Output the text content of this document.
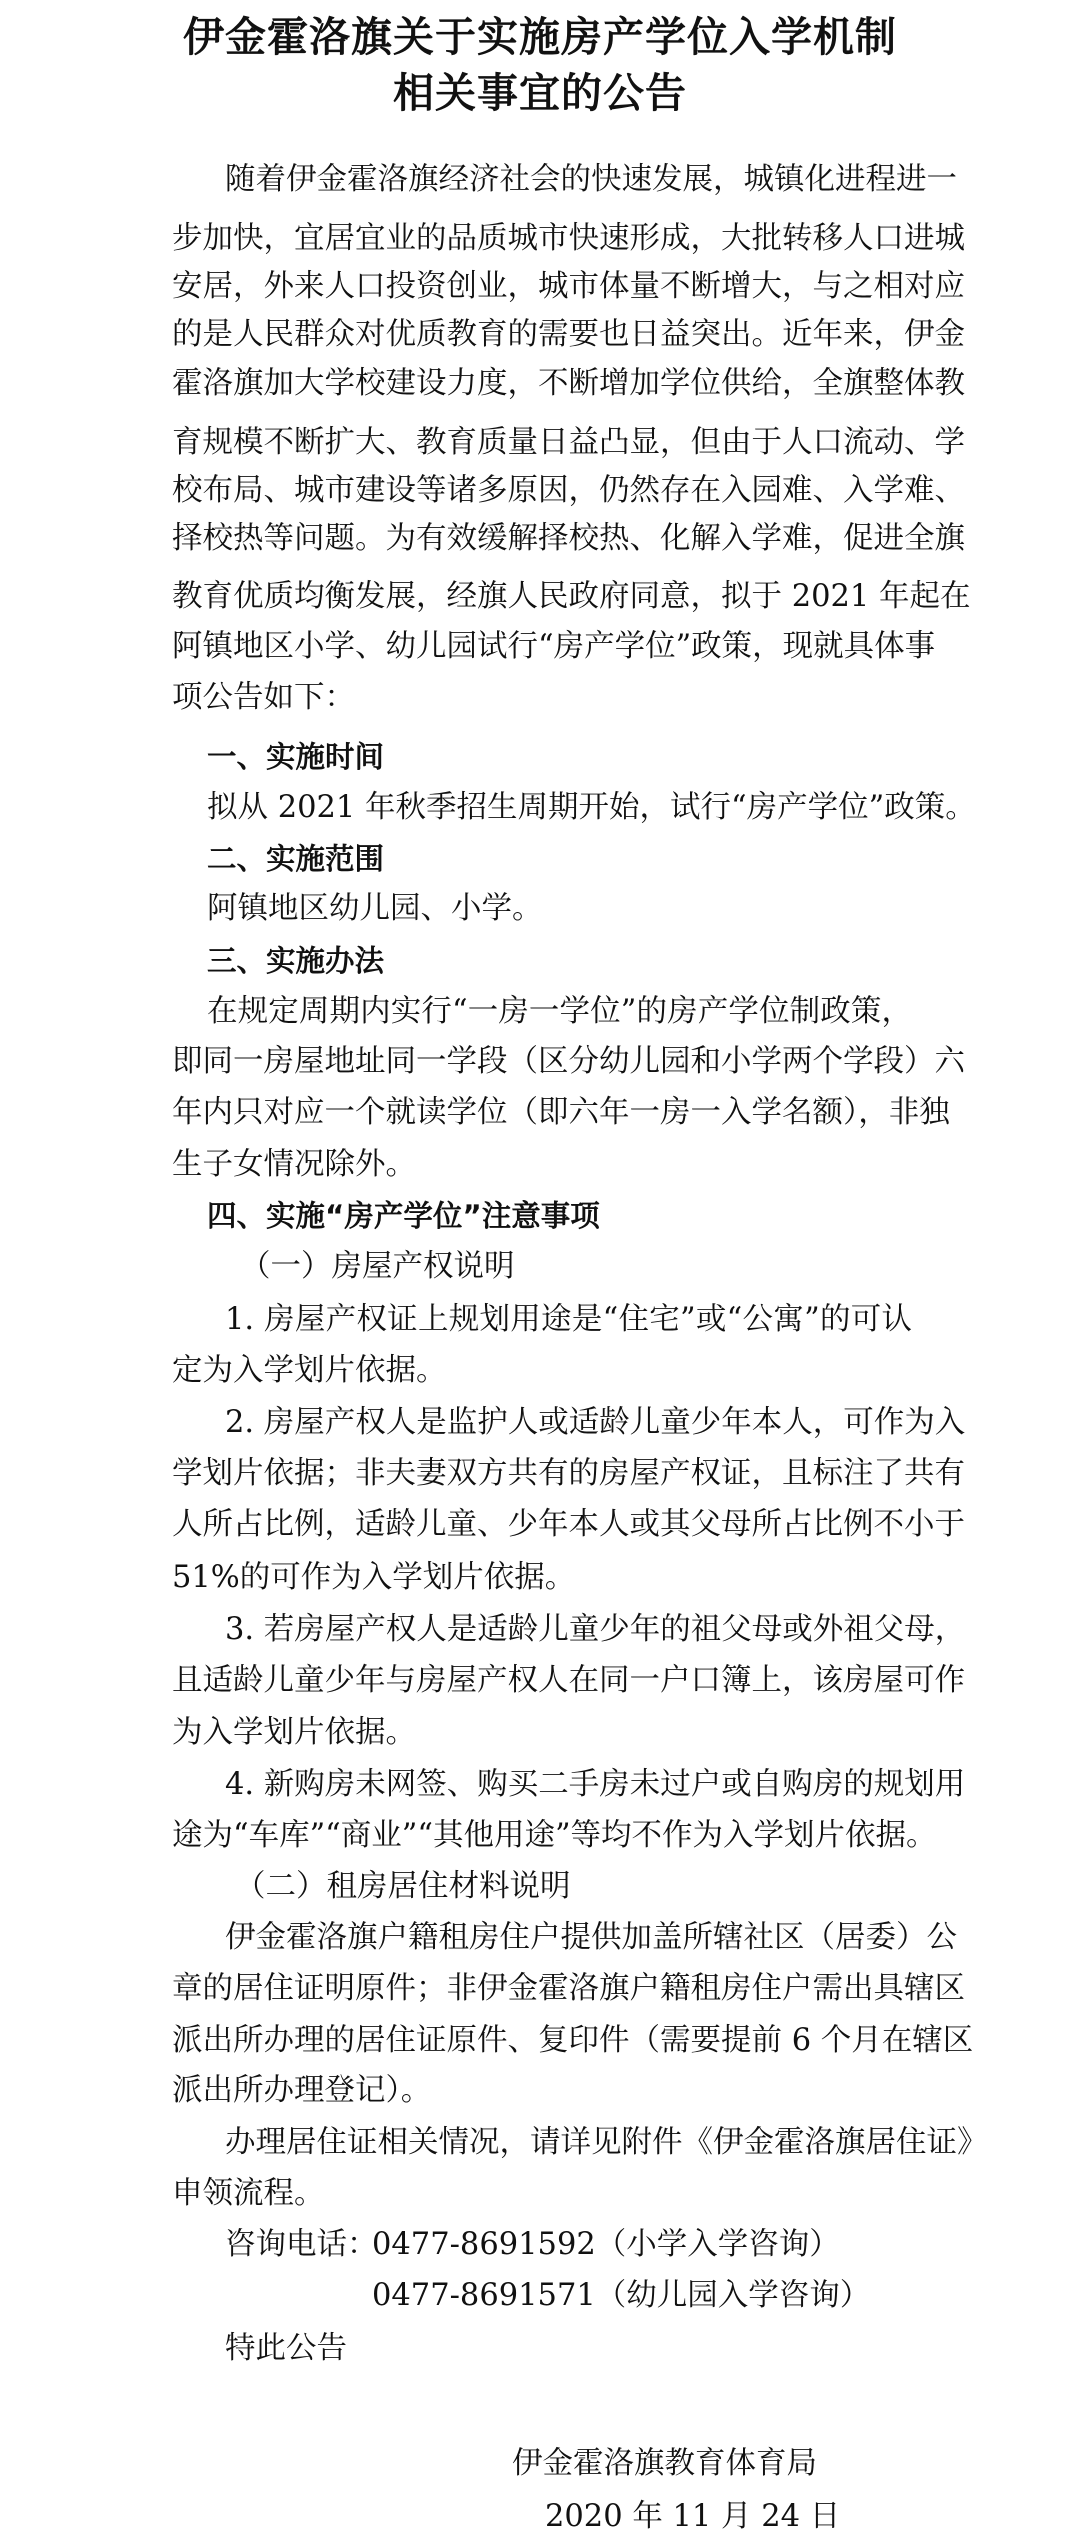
伊金霍洛旗关于实施房产学位入学机制
相关事宜的公告
随着伊金霍洛旗经济社会的快速发展，城镇化进程进一
步加快，宜居宜业的品质城市快速形成，大批转移人口进城
安居，外来人口投资创业，城市体量不断增大，与之相对应
的是人民群众对优质教育的需要也日益突出。近年来，伊金
霍洛旗加大学校建设力度，不断增加学位供给，全旗整体教
育规模不断扩大、教育质量日益凸显，但由于人口流动、学
校布局、城市建设等诸多原因，仍然存在入园难、入学难、
择校热等问题。为有效缓解择校热、化解入学难，促进全旗
教育优质均衡发展，经旗人民政府同意，拟于 2021 年起在
阿镇地区小学、幼儿园试行“房产学位”政策，现就具体事
项公告如下：
一、实施时间
拟从 2021 年秋季招生周期开始，试行“房产学位”政策。
二、实施范围
阿镇地区幼儿园、小学。
三、实施办法
在规定周期内实行“一房一学位”的房产学位制政策，
即同一房屋地址同一学段（区分幼儿园和小学两个学段）六
年内只对应一个就读学位（即六年一房一入学名额），非独
生子女情况除外。
四、实施“房产学位”注意事项
（一）房屋产权说明
1. 房屋产权证上规划用途是“住宅”或“公寓”的可认
定为入学划片依据。
2. 房屋产权人是监护人或适龄儿童少年本人，可作为入
学划片依据；非夫妻双方共有的房屋产权证，且标注了共有
人所占比例，适龄儿童、少年本人或其父母所占比例不小于
51%的可作为入学划片依据。
3. 若房屋产权人是适龄儿童少年的祖父母或外祖父母，
且适龄儿童少年与房屋产权人在同一户口簿上，该房屋可作
为入学划片依据。
4. 新购房未网签、购买二手房未过户或自购房的规划用
途为“车库”“商业”“其他用途”等均不作为入学划片依据。
（二）租房居住材料说明
伊金霍洛旗户籍租房住户提供加盖所辖社区（居委）公
章的居住证明原件；非伊金霍洛旗户籍租房住户需出具辖区
派出所办理的居住证原件、复印件（需要提前 6 个月在辖区
派出所办理登记）。
办理居住证相关情况，请详见附件《伊金霍洛旗居住证》
申领流程。
咨询电话：
0477-8691592（小学入学咨询）
0477-8691571（幼儿园入学咨询）
特此公告
伊金霍洛旗教育体育局
2020 年 11 月 24 日
